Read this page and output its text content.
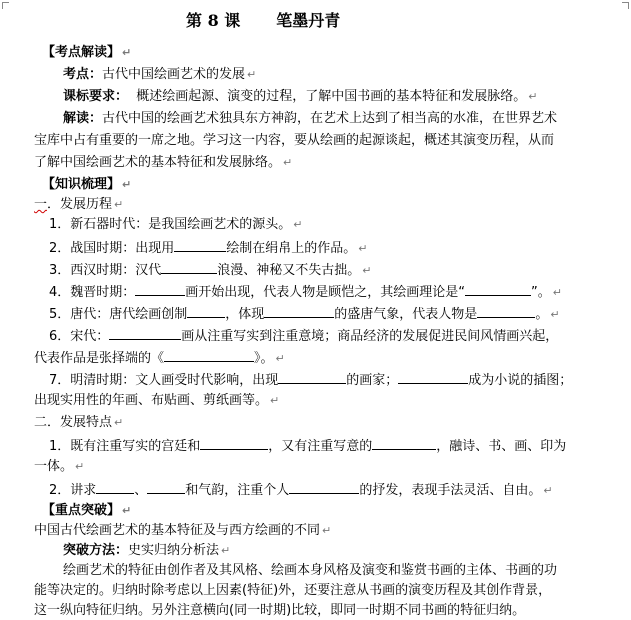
第 8 课 笔墨丹青
【考点解读】 ↵
考点：古代中国绘画艺术的发展 ↵
课标要求： 概述绘画起源、演变的过程，了解中国书画的基本特征和发展脉络。 ↵
解读：古代中国的绘画艺术独具东方神韵，在艺术上达到了相当高的水准，在世界艺术
宝库中占有重要的一席之地。学习这一内容，要从绘画的起源谈起，概述其演变历程，从而
了解中国绘画艺术的基本特征和发展脉络。 ↵
【知识梳理】 ↵
一．发展历程 ↵
1．新石器时代：是我国绘画艺术的源头。 ↵
2．战国时期：出现用	绘制在绢帛上的作品。 ↵
3．西汉时期：汉代	浪漫、神秘又不失古拙。 ↵
4．魏晋时期：	画开始出现，代表人物是顾恺之，其绘画理论是“	”。 ↵
5．唐代：唐代绘画创制	，体现	的盛唐气象，代表人物是	。 ↵
6．宋代：	画从注重写实到注重意境；商品经济的发展促进民间风情画兴起，
代表作品是张择端的《	》。 ↵
7．明清时期：文人画受时代影响，出现	的画家；	成为小说的插图；
出现实用性的年画、布贴画、剪纸画等。 ↵
二．发展特点 ↵
1．既有注重写实的宫廷和	，又有注重写意的	，融诗、书、画、印为
一体。 ↵
2．讲求	、	和气韵，注重个人	的抒发，表现手法灵活、自由。 ↵
【重点突破】 ↵
中国古代绘画艺术的基本特征及与西方绘画的不同 ↵
突破方法：史实归纳分析法 ↵
绘画艺术的特征由创作者及其风格、绘画本身风格及演变和鉴赏书画的主体、书画的功
能等决定的。归纳时除考虑以上因素(特征)外，还要注意从书画的演变历程及其创作背景，
这一纵向特征归纳。另外注意横向(同一时期)比较，即同一时期不同书画的特征归纳。
